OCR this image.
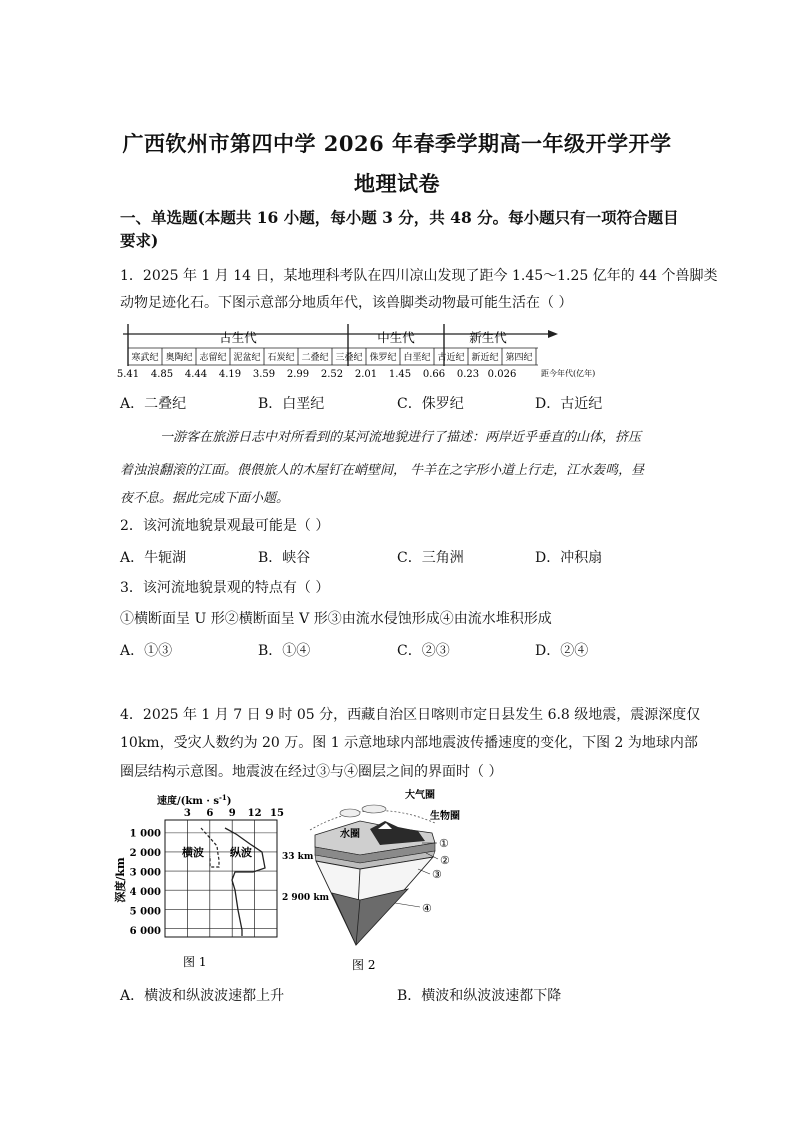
广西钦州市第四中学 2026 年春季学期高一年级开学开学
地理试卷
一、单选题(本题共 16 小题，每小题 3 分，共 48 分。每小题只有一项符合题目
要求)
1．2025 年 1 月 14 日，某地理科考队在四川凉山发现了距今 1.45～1.25 亿年的 44 个兽脚类
动物足迹化石。下图示意部分地质年代，该兽脚类动物最可能生活在（ ）
古生代	中生代	新生代
寒武纪 奥陶纪 志留纪 泥盆纪 石炭纪 二叠纪 三叠纪 侏罗纪 白垩纪 古近纪 新近纪 第四纪
距今年代(亿年)
5.41 4.85 4.44 4.19 3.59 2.99 2.52 2.01 1.45 0.66 0.23 0.026
A．二叠纪	B．白垩纪	C．侏罗纪	D．古近纪
一游客在旅游日志中对所看到的某河流地貌进行了描述：两岸近乎垂直的山体，挤压
着浊浪翻滚的江面。偎偎旅人的木屋钉在峭壁间， 牛羊在之字形小道上行走，江水轰鸣，昼
夜不息。据此完成下面小题。
2．该河流地貌景观最可能是（ ）
A．牛轭湖	B．峡谷	C．三角洲	D．冲积扇
3．该河流地貌景观的特点有（ ）
①横断面呈 U 形②横断面呈 V 形③由流水侵蚀形成④由流水堆积形成
A．①③	B．①④	C．②③	D．②④
4．2025 年 1 月 7 日 9 时 05 分，西藏自治区日喀则市定日县发生 6.8 级地震，震源深度仅
10km，受灾人数约为 20 万。图 1 示意地球内部地震波传播速度的变化，下图 2 为地球内部
圈层结构示意图。地震波在经过③与④圈层之间的界面时（ ）
速度$/(km \cdot s^{-1})$
3 6 9 12 15
1 000
2 000
3 000
4 000
5 000
6 000
深度/km
横波 纵波
图 1
大气圈
生物圈
水圈
①
②
③
④
33 km
2 900 km
图 2
A．横波和纵波波速都上升	B．横波和纵波波速都下降
